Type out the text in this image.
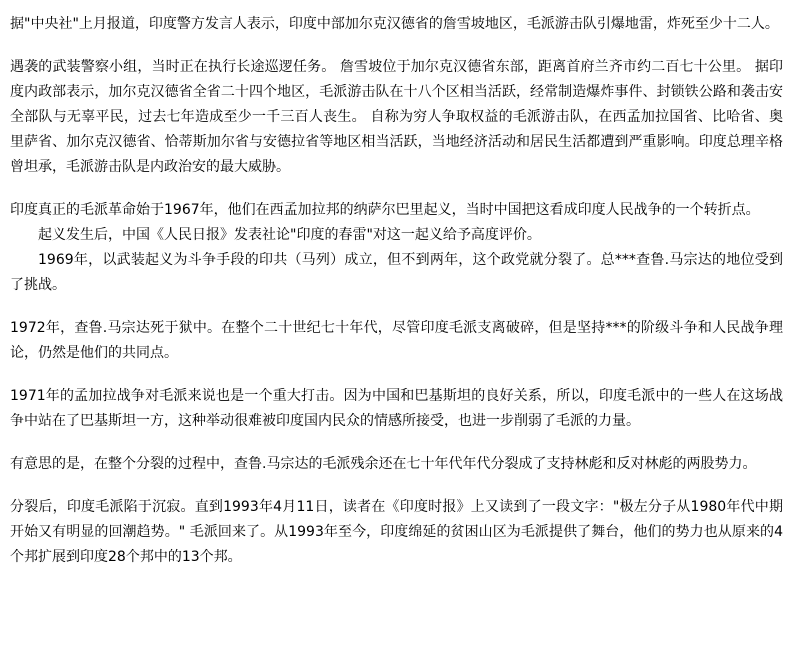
据"中央社"上月报道，印度警方发言人表示，印度中部加尔克汉德省的詹雪坡地区，毛派游击队引爆地雷，炸死至少十二人。

遇袭的武装警察小组，当时正在执行长途巡逻任务。 詹雪坡位于加尔克汉德省东部，距离首府兰齐市约二百七十公里。 据印度内政部表示，加尔克汉德省全省二十四个地区，毛派游击队在十八个区相当活跃，经常制造爆炸事件、封锁铁公路和袭击安全部队与无辜平民，过去七年造成至少一千三百人丧生。 自称为穷人争取权益的毛派游击队，在西孟加拉国省、比哈省、奥里萨省、加尔克汉德省、恰蒂斯加尔省与安德拉省等地区相当活跃，当地经济活动和居民生活都遭到严重影响。印度总理辛格曾坦承，毛派游击队是内政治安的最大威胁。

印度真正的毛派革命始于1967年，他们在西孟加拉邦的纳萨尔巴里起义，当时中国把这看成印度人民战争的一个转折点。

起义发生后，中国《人民日报》发表社论"印度的春雷"对这一起义给予高度评价。

1969年，以武装起义为斗争手段的印共（马列）成立，但不到两年，这个政党就分裂了。总***查鲁.马宗达的地位受到了挑战。

1972年，查鲁.马宗达死于狱中。在整个二十世纪七十年代，尽管印度毛派支离破碎，但是坚持***的阶级斗争和人民战争理论，仍然是他们的共同点。

1971年的孟加拉战争对毛派来说也是一个重大打击。因为中国和巴基斯坦的良好关系，所以，印度毛派中的一些人在这场战争中站在了巴基斯坦一方，这种举动很难被印度国内民众的情感所接受，也进一步削弱了毛派的力量。

有意思的是，在整个分裂的过程中，查鲁.马宗达的毛派残余还在七十年代年代分裂成了支持林彪和反对林彪的两股势力。

分裂后，印度毛派陷于沉寂。直到1993年4月11日，读者在《印度时报》上又读到了一段文字："极左分子从1980年代中期开始又有明显的回潮趋势。" 毛派回来了。从1993年至今，印度绵延的贫困山区为毛派提供了舞台，他们的势力也从原来的4个邦扩展到印度28个邦中的13个邦。
